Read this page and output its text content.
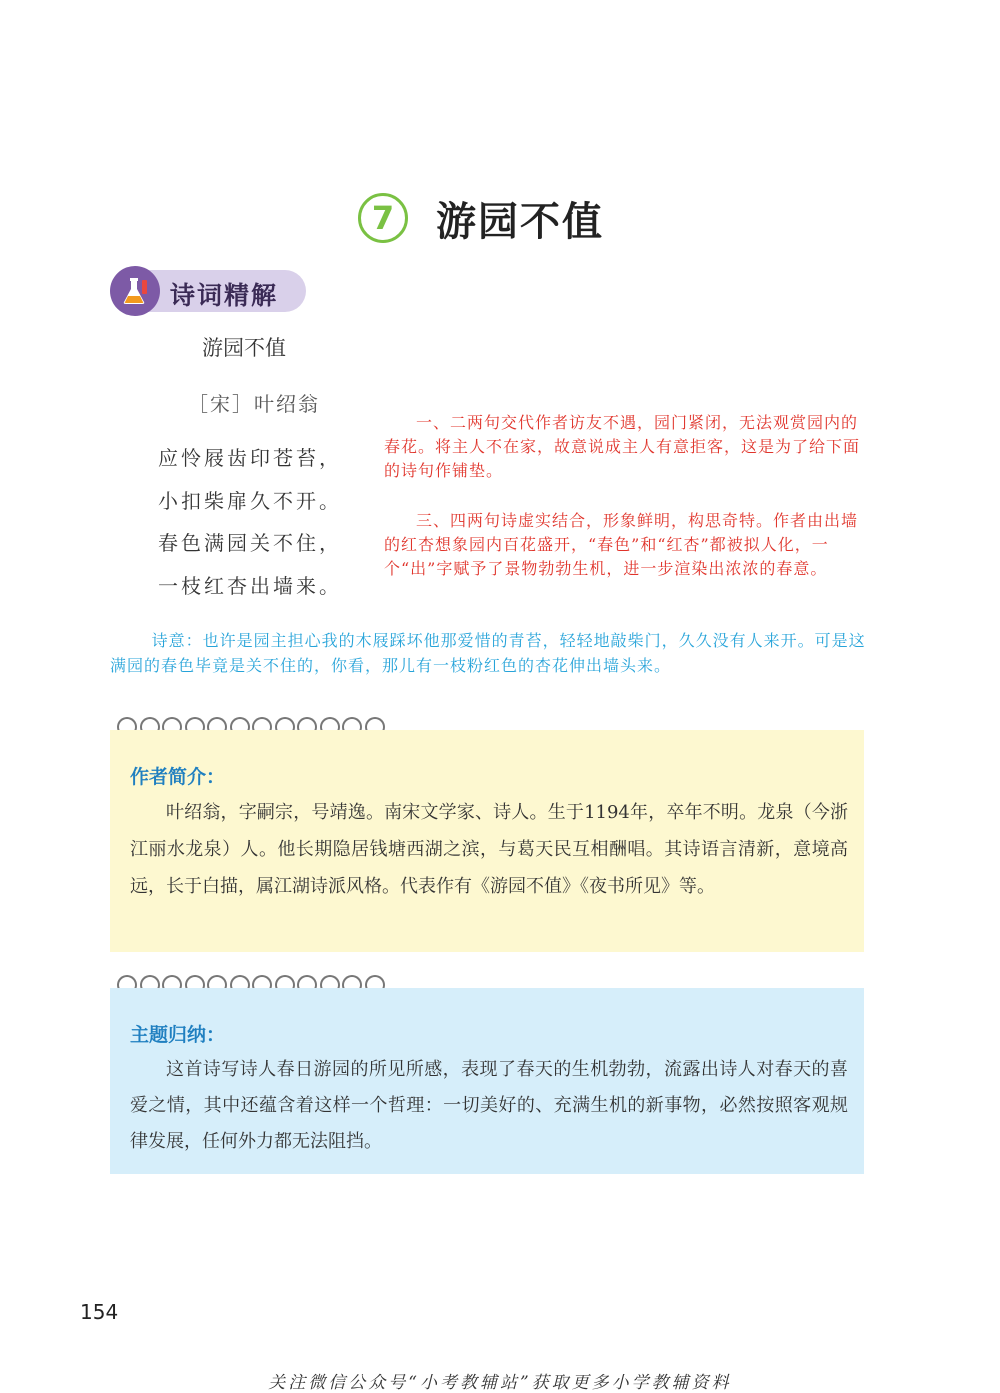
7	游园不值
诗词精解
游园不值
［宋］叶绍翁
应怜屐齿印苍苔，
小扣柴扉久不开。
春色满园关不住，
一枝红杏出墙来。
一、二两句交代作者访友不遇，园门紧闭，无法观赏园内的春花。将主人不在家，故意说成主人有意拒客，这是为了给下面的诗句作铺垫。
三、四两句诗虚实结合，形象鲜明，构思奇特。作者由出墙的红杏想象园内百花盛开，“春色”和“红杏”都被拟人化，一个“出”字赋予了景物勃勃生机，进一步渲染出浓浓的春意。
诗意：也许是园主担心我的木屐踩坏他那爱惜的青苔，轻轻地敲柴门，久久没有人来开。可是这满园的春色毕竟是关不住的，你看，那儿有一枝粉红色的杏花伸出墙头来。
作者简介：
叶绍翁，字嗣宗，号靖逸。南宋文学家、诗人。生于1194年，卒年不明。龙泉（今浙江丽水龙泉）人。他长期隐居钱塘西湖之滨，与葛天民互相酬唱。其诗语言清新，意境高远，长于白描，属江湖诗派风格。代表作有《游园不值》《夜书所见》等。
主题归纳：
这首诗写诗人春日游园的所见所感，表现了春天的生机勃勃，流露出诗人对春天的喜爱之情，其中还蕴含着这样一个哲理：一切美好的、充满生机的新事物，必然按照客观规律发展，任何外力都无法阻挡。
154
关注微信公众号“小考教辅站”获取更多小学教辅资料
